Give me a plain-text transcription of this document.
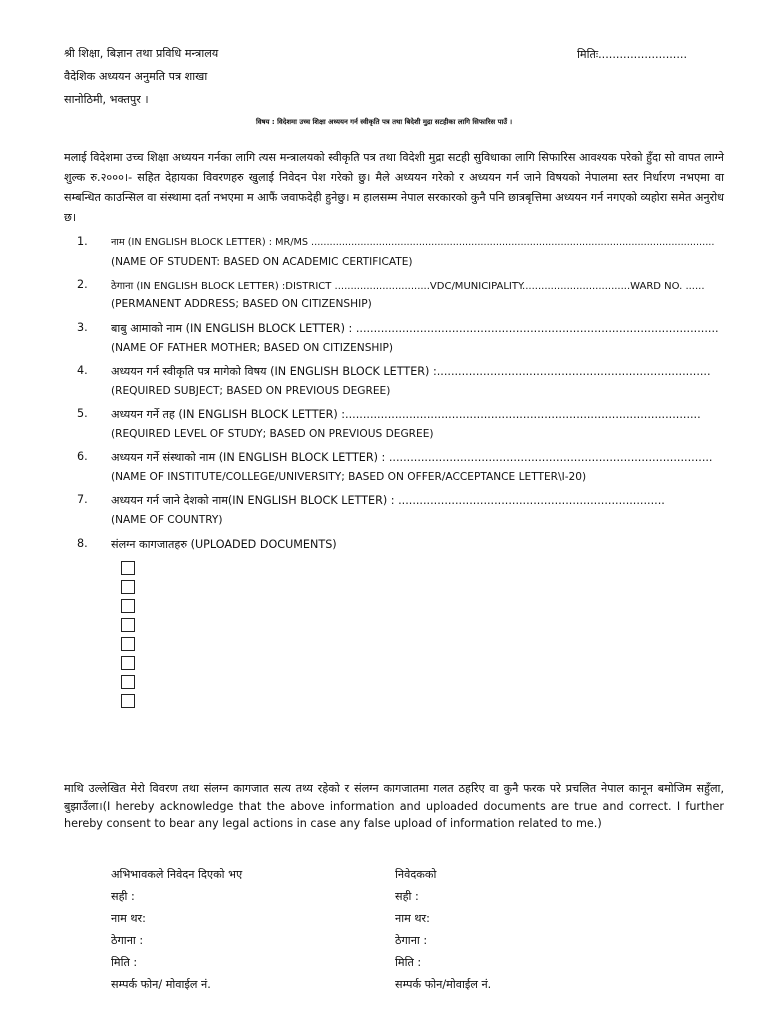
श्री शिक्षा, बिज्ञान तथा प्रविधि मन्त्रालय
वैदेशिक अध्ययन अनुमति पत्र शाखा
सानोठिमी, भक्तपुर ।
मितिः.........................
विषय : विदेशमा उच्च शिक्षा अध्ययन गर्न स्वीकृति पत्र तथा बिदेशी मुद्रा सटहीका लागि सिफारिस पाउँ ।
मलाई विदेशमा उच्च शिक्षा अध्ययन गर्नका लागि त्यस मन्त्रालयको स्वीकृति पत्र तथा विदेशी मुद्रा सटही सुविधाका लागि सिफारिस आवश्यक परेको हुँदा सो वापत लाग्ने शुल्क रु.२०००।- सहित देहायका विवरणहरु खुलाई निवेदन पेश गरेको छु। मैले अध्ययन गरेको र अध्ययन गर्न जाने विषयको नेपालमा स्तर निर्धारण नभएमा वा सम्बन्धित काउन्सिल वा संस्थामा दर्ता नभएमा म आफैं जवाफदेही हुनेछु। म हालसम्म नेपाल सरकारको कुनै पनि छात्रबृत्तिमा अध्ययन गर्न नगएको व्यहोरा समेत अनुरोध छ।
1. नाम (IN ENGLISH BLOCK LETTER) : MR/MS ...................................................................................................................................
(NAME OF STUDENT: BASED ON ACADEMIC CERTIFICATE)
2. ठेगाना (IN ENGLISH BLOCK LETTER) :DISTRICT ..............................VDC/MUNICIPALITY..................................WARD NO. ......
(PERMANENT ADDRESS; BASED ON CITIZENSHIP)
3. बाबु आमाको नाम (IN ENGLISH BLOCK LETTER) : ......................................................................................................
(NAME OF FATHER MOTHER; BASED ON CITIZENSHIP)
4. अध्ययन गर्न स्वीकृति पत्र मागेको विषय (IN ENGLISH BLOCK LETTER) :.............................................................................
(REQUIRED SUBJECT; BASED ON PREVIOUS DEGREE)
5. अध्ययन गर्ने तह (IN ENGLISH BLOCK LETTER) :....................................................................................................
(REQUIRED LEVEL OF STUDY; BASED ON PREVIOUS DEGREE)
6. अध्ययन गर्ने संस्थाको नाम (IN ENGLISH BLOCK LETTER) : ...........................................................................................
(NAME OF INSTITUTE/COLLEGE/UNIVERSITY; BASED ON OFFER/ACCEPTANCE LETTER\I-20)
7. अध्ययन गर्न जाने देशको नाम(IN ENGLISH BLOCK LETTER) : ...........................................................................
(NAME OF COUNTRY)
8. संलग्न कागजातहरु (UPLOADED DOCUMENTS)
माथि उल्लेखित मेरो विवरण तथा संलग्न कागजात सत्य तथ्य रहेको र संलग्न कागजातमा गलत ठहरिए वा कुनै फरक परे प्रचलित नेपाल कानून बमोजिम सहुँला, बुझाउँला।(I hereby acknowledge that the above information and uploaded documents are true and correct. I further hereby consent to bear any legal actions in case any false upload of information related to me.)
अभिभावकले निवेदन दिएको भए
सही :
नाम थर:
ठेगाना :
मिति :
सम्पर्क फोन/ मोवाईल नं.
निवेदकको
सही :
नाम थर:
ठेगाना :
मिति :
सम्पर्क फोन/मोवाईल नं.
